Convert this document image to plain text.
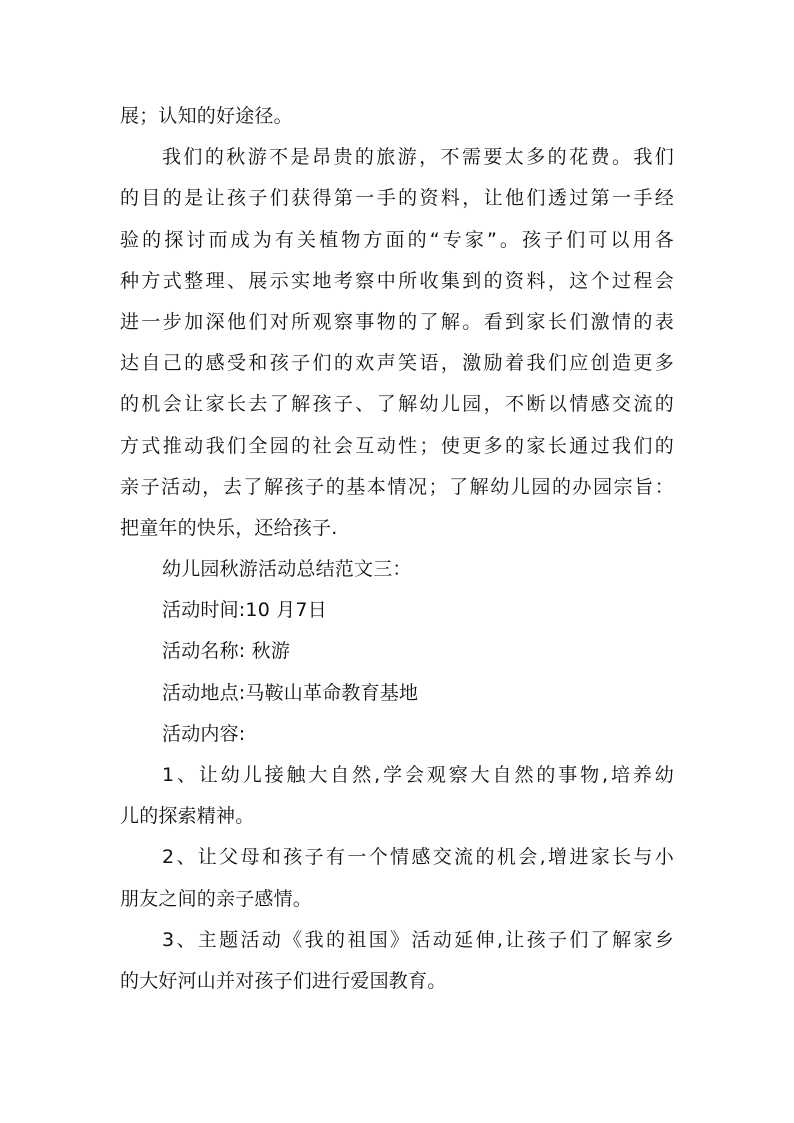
展；认知的好途径。
我们的秋游不是昂贵的旅游，不需要太多的花费。我们
的目的是让孩子们获得第一手的资料，让他们透过第一手经
验的探讨而成为有关植物方面的“专家”。孩子们可以用各
种方式整理、展示实地考察中所收集到的资料，这个过程会
进一步加深他们对所观察事物的了解。看到家长们激情的表
达自己的感受和孩子们的欢声笑语，激励着我们应创造更多
的机会让家长去了解孩子、了解幼儿园，不断以情感交流的
方式推动我们全园的社会互动性；使更多的家长通过我们的
亲子活动，去了解孩子的基本情况；了解幼儿园的办园宗旨：
把童年的快乐，还给孩子.
幼儿园秋游活动总结范文三：
活动时间:10 月7日
活动名称: 秋游
活动地点:马鞍山革命教育基地
活动内容:
1、让幼儿接触大自然,学会观察大自然的事物,培养幼
儿的探索精神。
2、让父母和孩子有一个情感交流的机会,增进家长与小
朋友之间的亲子感情。
3、主题活动《我的祖国》活动延伸,让孩子们了解家乡
的大好河山并对孩子们进行爱国教育。
